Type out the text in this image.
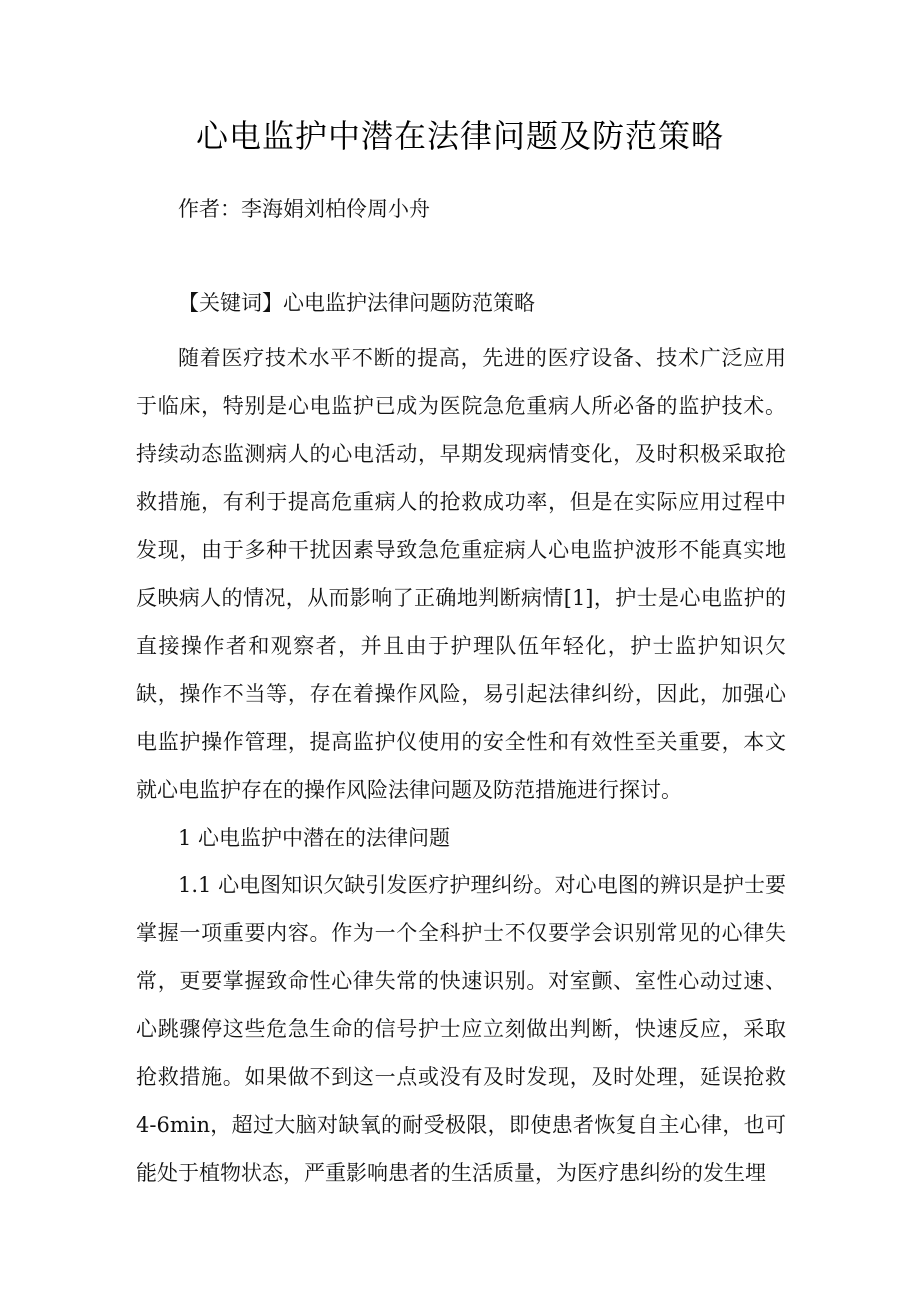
心电监护中潜在法律问题及防范策略
作者：李海娟刘柏伶周小舟
【关键词】心电监护法律问题防范策略

随着医疗技术水平不断的提高，先进的医疗设备、技术广泛应用于临床，特别是心电监护已成为医院急危重病人所必备的监护技术。持续动态监测病人的心电活动，早期发现病情变化，及时积极采取抢救措施，有利于提高危重病人的抢救成功率，但是在实际应用过程中发现，由于多种干扰因素导致急危重症病人心电监护波形不能真实地反映病人的情况，从而影响了正确地判断病情[1]，护士是心电监护的直接操作者和观察者，并且由于护理队伍年轻化，护士监护知识欠缺，操作不当等，存在着操作风险，易引起法律纠纷，因此，加强心电监护操作管理，提高监护仪使用的安全性和有效性至关重要，本文就心电监护存在的操作风险法律问题及防范措施进行探讨。

1 心电监护中潜在的法律问题

1.1 心电图知识欠缺引发医疗护理纠纷。对心电图的辨识是护士要掌握一项重要内容。作为一个全科护士不仅要学会识别常见的心律失常，更要掌握致命性心律失常的快速识别。对室颤、室性心动过速、心跳骤停这些危急生命的信号护士应立刻做出判断，快速反应，采取抢救措施。如果做不到这一点或没有及时发现，及时处理，延误抢救4-6min，超过大脑对缺氧的耐受极限，即使患者恢复自主心律，也可能处于植物状态，严重影响患者的生活质量，为医疗患纠纷的发生埋
